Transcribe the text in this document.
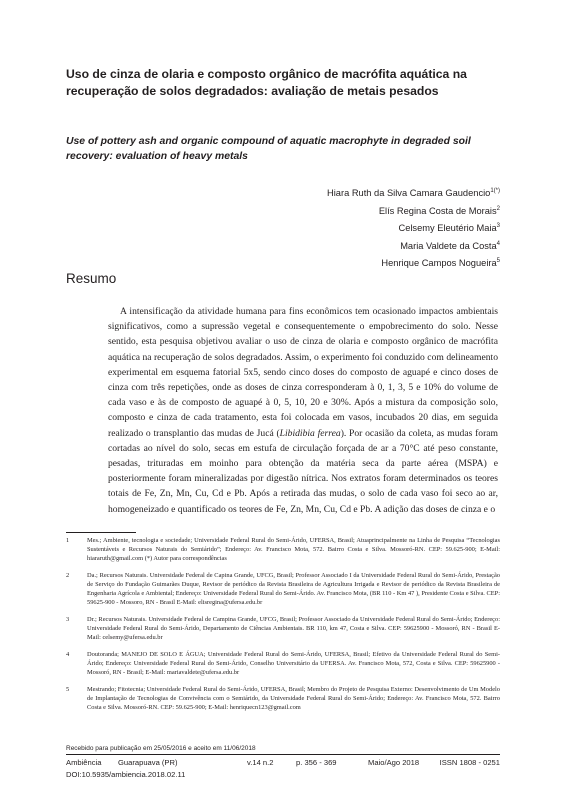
Uso de cinza de olaria e composto orgânico de macrófita aquática na recuperação de solos degradados: avaliação de metais pesados
Use of pottery ash and organic compound of aquatic macrophyte in degraded soil recovery: evaluation of heavy metals
Hiara Ruth da Silva Camara Gaudencio$^{1(*)}$
Elís Regina Costa de Morais$^2$
Celsemy Eleutério Maia$^3$
Maria Valdete da Costa$^4$
Henrique Campos Nogueira$^5$
Resumo

A intensificação da atividade humana para fins econômicos tem ocasionado impactos ambientais significativos, como a supressão vegetal e consequentemente o empobrecimento do solo. Nesse sentido, esta pesquisa objetivou avaliar o uso de cinza de olaria e composto orgânico de macrófita aquática na recuperação de solos degradados. Assim, o experimento foi conduzido com delineamento experimental em esquema fatorial 5x5, sendo cinco doses do composto de aguapé e cinco doses de cinza com três repetições, onde as doses de cinza corresponderam à 0, 1, 3, 5 e 10% do volume de cada vaso e às de composto de aguapé à 0, 5, 10, 20 e 30%. Após a mistura da composição solo, composto e cinza de cada tratamento, esta foi colocada em vasos, incubados 20 dias, em seguida realizado o transplantio das mudas de Jucá (Libidibia ferrea). Por ocasião da coleta, as mudas foram cortadas ao nível do solo, secas em estufa de circulação forçada de ar a 70°C até peso constante, pesadas, trituradas em moinho para obtenção da matéria seca da parte aérea (MSPA) e posteriormente foram mineralizadas por digestão nítrica. Nos extratos foram determinados os teores totais de Fe, Zn, Mn, Cu, Cd e Pb. Após a retirada das mudas, o solo de cada vaso foi seco ao ar, homogeneizado e quantificado os teores de Fe, Zn, Mn, Cu, Cd e Pb. A adição das doses de cinza e o

1	Mes.; Ambiente, tecnologia e sociedade; Universidade Federal Rural do Semi-Árido, UFERSA, Brasil; Atuaprincipalmente na Linha de Pesquisa “Tecnologias Sustentáveis e Recursos Naturais do Semiárido”; Endereço: Av. Francisco Mota, 572. Bairro Costa e Silva. Mossoró-RN. CEP: 59.625-900; E-Mail: hiararuth@gmail.com (*) Autor para correspondências
2	Da.; Recursos Naturais. Universidade Federal de Capina Grande, UFCG, Brasil; Professor Associado I da Universidade Federal Rural do Semi-Árido, Prestação de Serviço do Fundação Guimarães Duque, Revisor de periódico da Revista Brasileira de Agricultura Irrigada e Revisor de periódico da Revista Brasileira de Engenharia Agrícola e Ambiental; Endereço: Universidade Federal Rural do Semi-Árido. Av. Francisco Mota, (BR 110 - Km 47 ), Presidente Costa e Silva. CEP: 59625-900 - Mossoro, RN - Brasil E-Mail: elisregina@ufersa.edu.br
3	Dr.; Recursos Naturais. Universidade Federal de Campina Grande, UFCG, Brasil; Professor Associado da Universidade Federal Rural do Semi-Árido; Endereço: Universidade Federal Rural do Semi-Árido, Departamento de Ciências Ambientais. BR 110, km 47, Costa e Silva. CEP: 59625900 - Mossoró, RN - Brasil E-Mail: celsemy@ufersa.edu.br
4	Doutoranda; MANEJO DE SOLO E ÁGUA; Universidade Federal Rural do Semi-Árido, UFERSA, Brasil; Efetivo da Universidade Federal Rural do Semi-Árido; Endereço: Universidade Federal Rural do Semi-Árido, Conselho Universitário da UFERSA. Av. Francisco Mota, 572, Costa e Silva. CEP: 59625900 - Mossoró, RN - Brasil; E-Mail: mariavaldete@ufersa.edu.br
5	Mestrando; Fitotecnia; Universidade Federal Rural do Semi-Árido, UFERSA, Brasil; Membro do Projeto de Pesquisa Externo: Desenvolvimento de Um Modelo de Implantação de Tecnologias de Convivência com o Semiárido, da Universidade Federal Rural do Semi-Árido; Endereço: Av. Francisco Mota, 572. Bairro Costa e Silva. Mossoró-RN. CEP: 59.625-900; E-Mail: henriquecn123@gmail.com
Recebido para publicação em 25/05/2016 e aceito em 11/06/2018
Ambiência Guarapuava (PR)	v.14 n.2	p. 356 - 369	Maio/Ago 2018	ISSN 1808 - 0251
DOI:10.5935/ambiencia.2018.02.11
